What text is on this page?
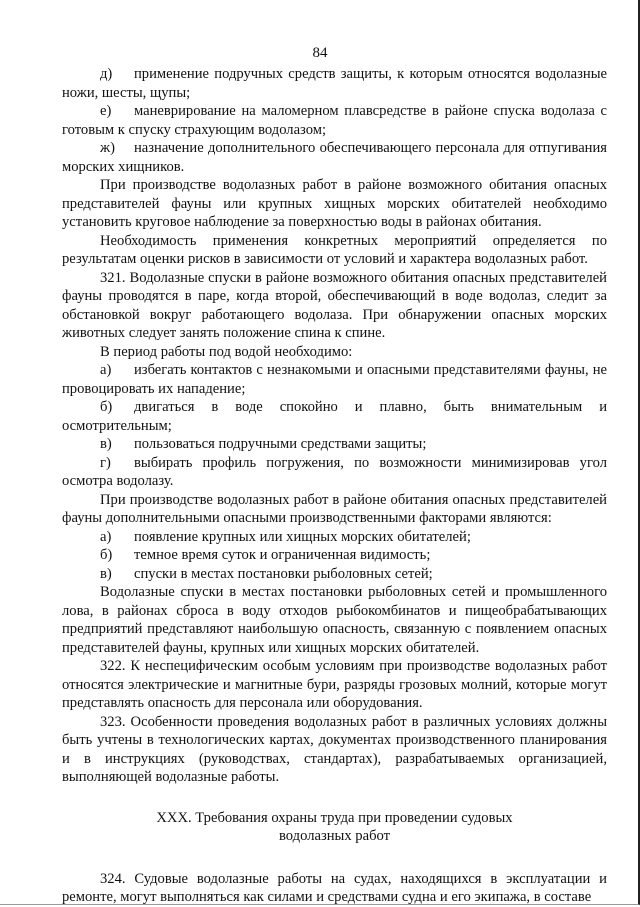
84

д) применение подручных средств защиты, к которым относятся водолазные ножи, шесты, щупы;

е) маневрирование на маломерном плавсредстве в районе спуска водолаза с готовым к спуску страхующим водолазом;

ж) назначение дополнительного обеспечивающего персонала для отпугивания морских хищников.

При производстве водолазных работ в районе возможного обитания опасных представителей фауны или крупных хищных морских обитателей необходимо установить круговое наблюдение за поверхностью воды в районах обитания.

Необходимость применения конкретных мероприятий определяется по результатам оценки рисков в зависимости от условий и характера водолазных работ.

321. Водолазные спуски в районе возможного обитания опасных представителей фауны проводятся в паре, когда второй, обеспечивающий в воде водолаз, следит за обстановкой вокруг работающего водолаза. При обнаружении опасных морских животных следует занять положение спина к спине.

В период работы под водой необходимо:

а) избегать контактов с незнакомыми и опасными представителями фауны, не провоцировать их нападение;

б) двигаться в воде спокойно и плавно, быть внимательным и осмотрительным;

в) пользоваться подручными средствами защиты;

г) выбирать профиль погружения, по возможности минимизировав угол осмотра водолазу.

При производстве водолазных работ в районе обитания опасных представителей фауны дополнительными опасными производственными факторами являются:

а) появление крупных или хищных морских обитателей;

б) темное время суток и ограниченная видимость;

в) спуски в местах постановки рыболовных сетей;

Водолазные спуски в местах постановки рыболовных сетей и промышленного лова, в районах сброса в воду отходов рыбокомбинатов и пищеобрабатывающих предприятий представляют наибольшую опасность, связанную с появлением опасных представителей фауны, крупных или хищных морских обитателей.

322. К неспецифическим особым условиям при производстве водолазных работ относятся электрические и магнитные бури, разряды грозовых молний, которые могут представлять опасность для персонала или оборудования.

323. Особенности проведения водолазных работ в различных условиях должны быть учтены в технологических картах, документах производственного планирования и в инструкциях (руководствах, стандартах), разрабатываемых организацией, выполняющей водолазные работы.

XXX. Требования охраны труда при проведении судовых
водолазных работ

324. Судовые водолазные работы на судах, находящихся в эксплуатации и ремонте, могут выполняться как силами и средствами судна и его экипажа, в составе
